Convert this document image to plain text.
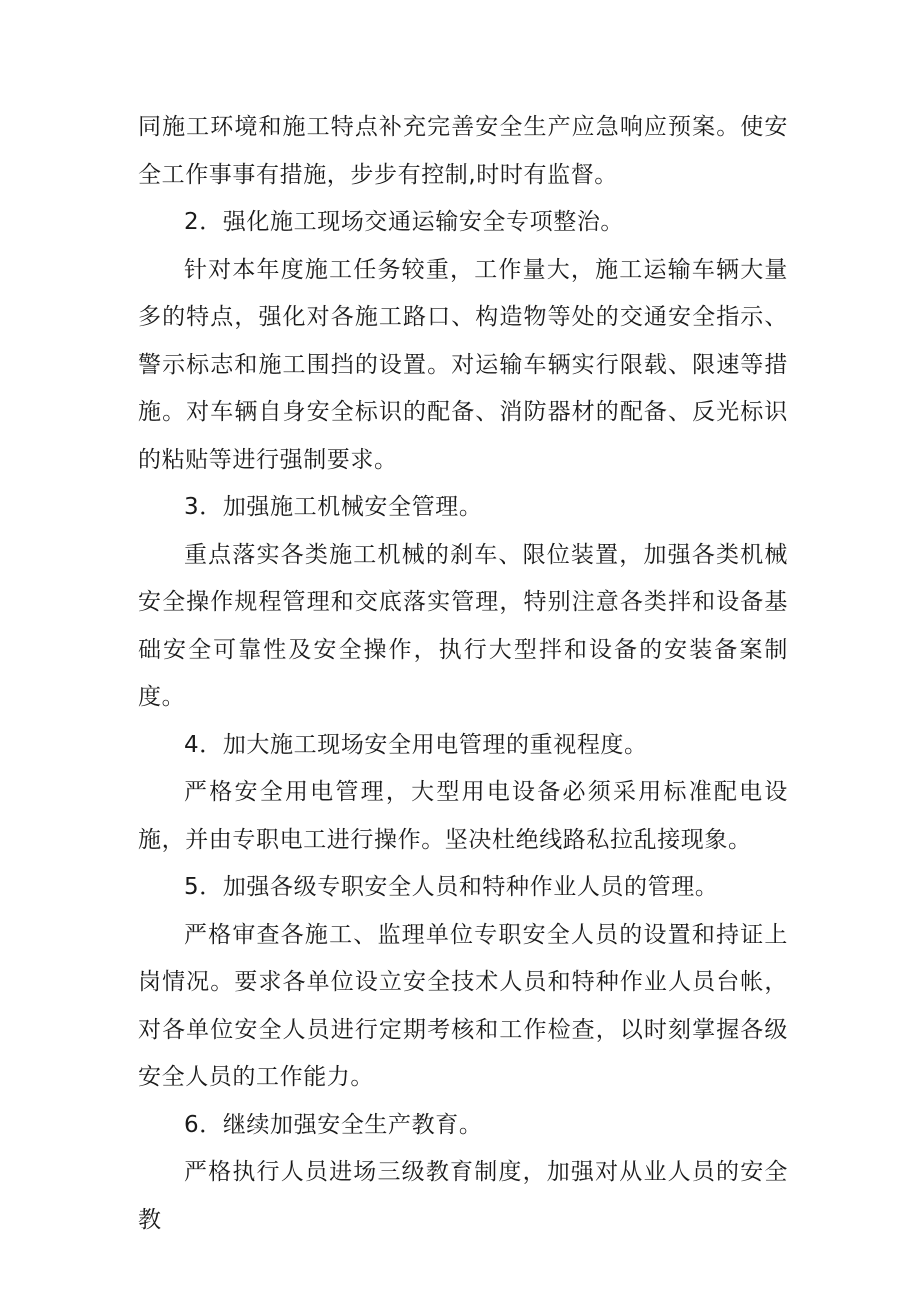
同施工环境和施工特点补充完善安全生产应急响应预案。使安全工作事事有措施，步步有控制,时时有监督。

2．强化施工现场交通运输安全专项整治。

针对本年度施工任务较重，工作量大，施工运输车辆大量多的特点，强化对各施工路口、构造物等处的交通安全指示、警示标志和施工围挡的设置。对运输车辆实行限载、限速等措施。对车辆自身安全标识的配备、消防器材的配备、反光标识的粘贴等进行强制要求。

3．加强施工机械安全管理。

重点落实各类施工机械的刹车、限位装置，加强各类机械安全操作规程管理和交底落实管理，特别注意各类拌和设备基础安全可靠性及安全操作，执行大型拌和设备的安装备案制度。

4．加大施工现场安全用电管理的重视程度。

严格安全用电管理，大型用电设备必须采用标准配电设施，并由专职电工进行操作。坚决杜绝线路私拉乱接现象。

5．加强各级专职安全人员和特种作业人员的管理。

严格审查各施工、监理单位专职安全人员的设置和持证上岗情况。要求各单位设立安全技术人员和特种作业人员台帐，对各单位安全人员进行定期考核和工作检查，以时刻掌握各级安全人员的工作能力。

6．继续加强安全生产教育。

严格执行人员进场三级教育制度，加强对从业人员的安全教
